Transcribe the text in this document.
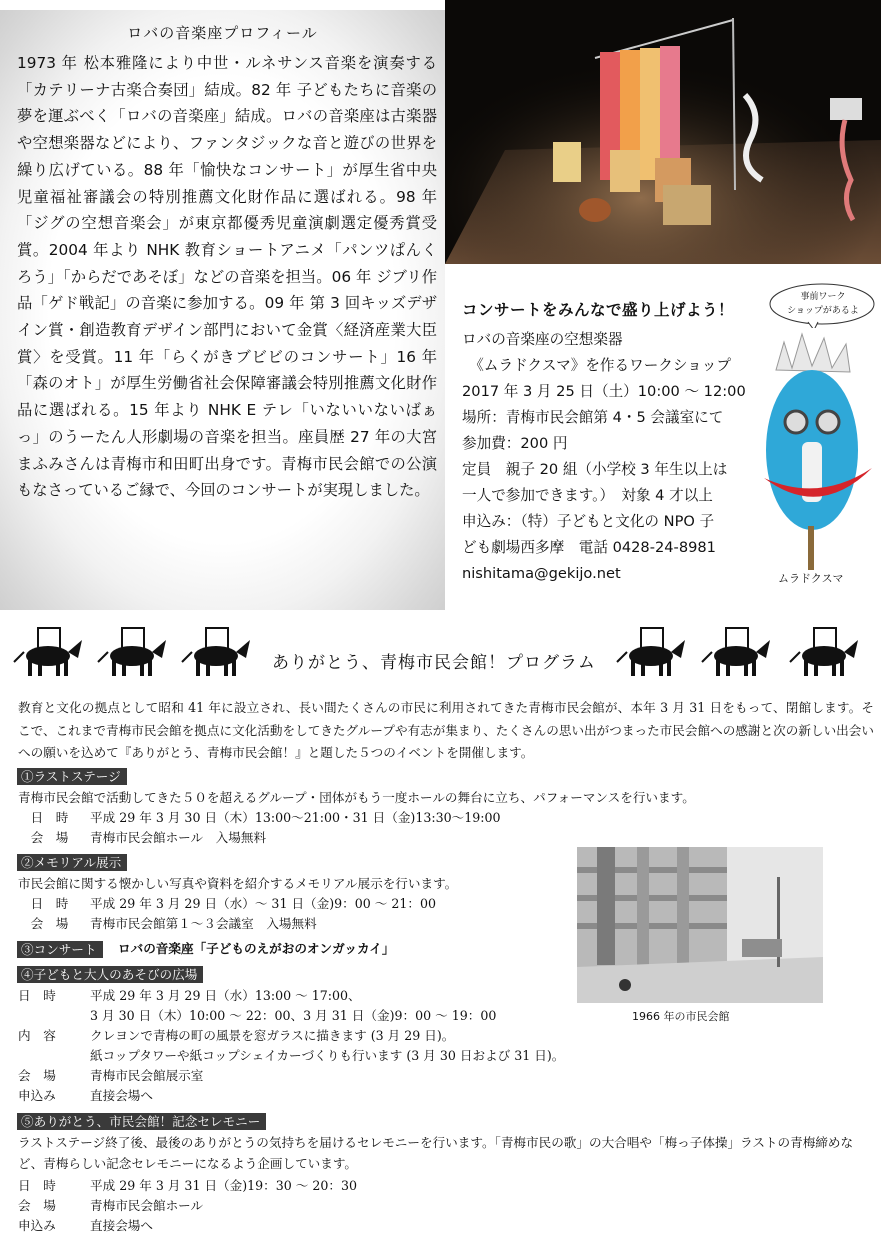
ロバの音楽座プロフィール
1973 年 松本雅隆により中世・ルネサンス音楽を演奏する「カテリーナ古楽合奏団」結成。82 年 子どもたちに音楽の夢を運ぶべく「ロバの音楽座」結成。ロバの音楽座は古楽器や空想楽器などにより、ファンタジックな音と遊びの世界を繰り広げている。88 年「愉快なコンサート」が厚生省中央児童福祉審議会の特別推薦文化財作品に選ばれる。98 年「ジグの空想音楽会」が東京都優秀児童演劇選定優秀賞受賞。2004 年より NHK 教育ショートアニメ「パンツぱんくろう」「からだであそぼ」などの音楽を担当。06 年 ジブリ作品「ゲド戦記」の音楽に参加する。09 年 第 3 回キッズデザイン賞・創造教育デザイン部門において金賞〈経済産業大臣賞〉を受賞。11 年「らくがきブビビのコンサート」16 年「森のオト」が厚生労働省社会保障審議会特別推薦文化財作品に選ばれる。15 年より NHK E テレ「いないいないばぁっ」のうーたん人形劇場の音楽を担当。座員歴 27 年の大宮まふみさんは青梅市和田町出身です。青梅市民会館での公演もなさっているご縁で、今回のコンサートが実現しました。
コンサートをみんなで盛り上げよう！
ロバの音楽座の空想楽器
　《ムラドクスマ》を作るワークショップ
2017 年 3 月 25 日（土）10:00 ～ 12:00
場所：青梅市民会館第 4・5 会議室にて
参加費：200 円
定員　親子 20 組（小学校 3 年生以上は
一人で参加できます。）　対象 4 才以上
申込み：（特）子どもと文化の NPO 子
ども劇場西多摩　電話 0428-24-8981
nishitama@gekijo.net
事前ワーク
ショップがあるよ
ムラドクスマ
ありがとう、青梅市民会館！プログラム
教育と文化の拠点として昭和 41 年に設立され、長い間たくさんの市民に利用されてきた青梅市民会館が、本年 3 月 31 日をもって、閉館します。そこで、これまで青梅市民会館を拠点に文化活動をしてきたグループや有志が集まり、たくさんの思い出がつまった市民会館への感謝と次の新しい出会いへの願いを込めて『ありがとう、青梅市民会館！』と題した５つのイベントを開催します。
①ラストステージ
青梅市民会館で活動してきた５０を超えるグループ・団体がもう一度ホールの舞台に立ち、パフォーマンスを行います。
　日　時 平成 29 年 3 月 30 日（木）13:00～21:00・31 日（金)13:30～19:00
　会　場 青梅市民会館ホール　入場無料
②メモリアル展示
市民会館に関する懐かしい写真や資料を紹介するメモリアル展示を行います。
　日　時 平成 29 年 3 月 29 日（水）～ 31 日（金)9：00 ～ 21：00
　会　場 青梅市民会館第１～３会議室　入場無料
③コンサート	ロバの音楽座「子どものえがおのオンガッカイ」
④子どもと大人のあそびの広場
日　時	平成 29 年 3 月 29 日（水）13:00 ～ 17:00、
3 月 30 日（木）10:00 ～ 22：00、3 月 31 日（金)9：00 ～ 19：00
内　容	クレヨンで青梅の町の風景を窓ガラスに描きます (3 月 29 日)。
紙コップタワーや紙コップシェイカーづくりも行います (3 月 30 日および 31 日)。
会　場	青梅市民会館展示室
申込み	直接会場へ
⑤ありがとう、市民会館！記念セレモニー
ラストステージ終了後、最後のありがとうの気持ちを届けるセレモニーを行います。「青梅市民の歌」の大合唱や「梅っ子体操」ラストの青梅締めなど、青梅らしい記念セレモニーになるよう企画しています。
日　時	平成 29 年 3 月 31 日（金)19：30 ～ 20：30
会　場	青梅市民会館ホール
申込み	直接会場へ
1966 年の市民会館
